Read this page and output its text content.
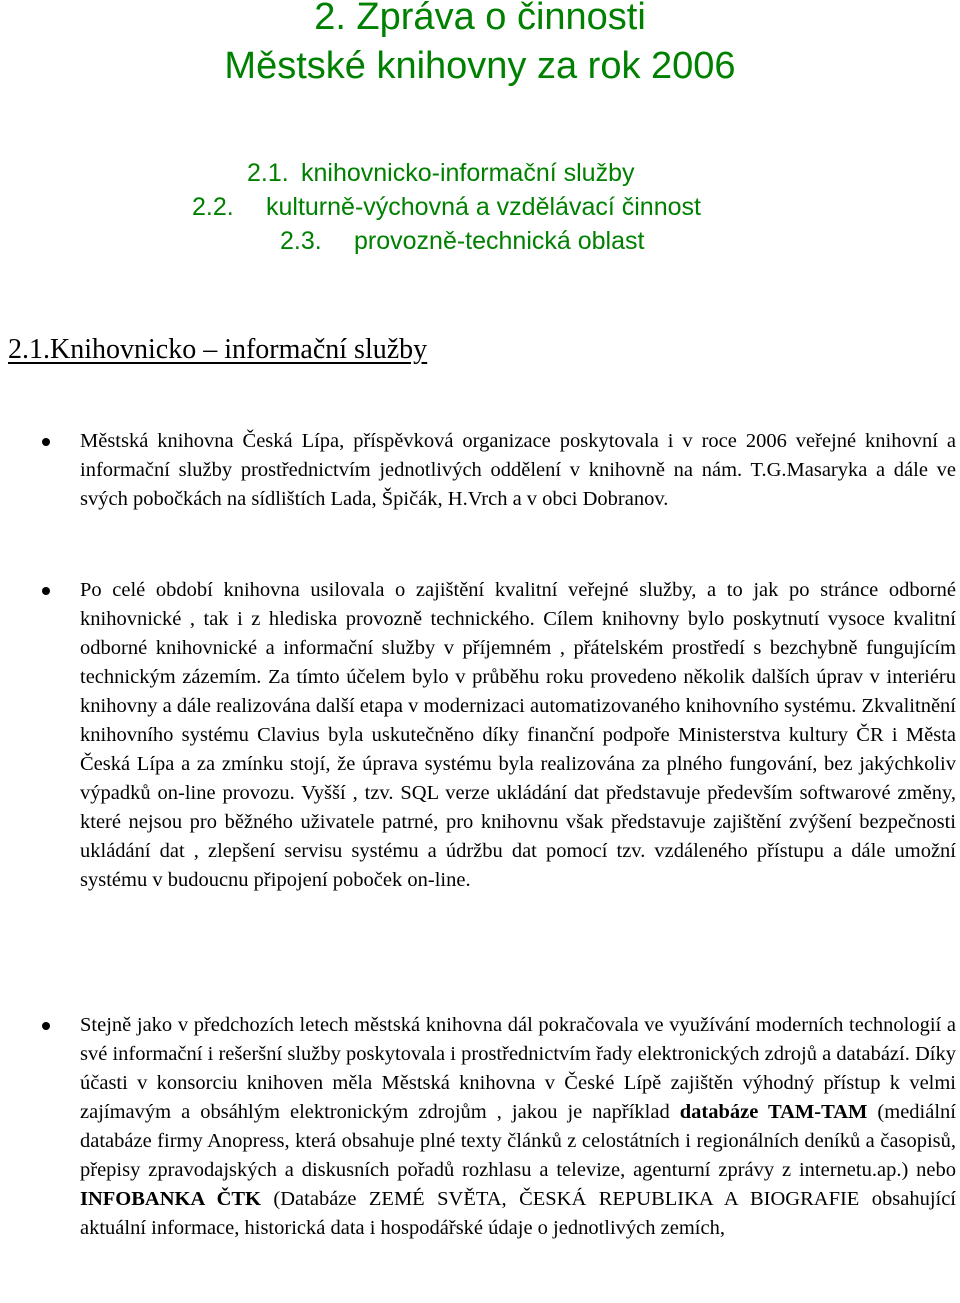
2. Zpráva o činnosti
Městské knihovny za rok 2006
2.1. knihovnicko-informační služby
2.2. kulturně-výchovná a vzdělávací činnost
2.3. provozně-technická oblast
2.1.Knihovnicko – informační služby

Městská knihovna Česká Lípa, příspěvková organizace poskytovala i v roce 2006 veřejné knihovní a informační služby prostřednictvím jednotlivých oddělení v knihovně na nám. T.G.Masaryka a dále ve svých pobočkách na sídlištích Lada, Špičák, H.Vrch a v obci Dobranov.

Po celé období knihovna usilovala o zajištění kvalitní veřejné služby, a to jak po stránce odborné knihovnické , tak i z hlediska provozně technického. Cílem knihovny bylo poskytnutí vysoce kvalitní odborné knihovnické a informační služby v příjemném , přátelském prostředí s bezchybně fungujícím technickým zázemím. Za tímto účelem bylo v průběhu roku provedeno několik dalších úprav v interiéru knihovny a dále realizována další etapa v modernizaci automatizovaného knihovního systému. Zkvalitnění knihovního systému Clavius byla uskutečněno díky finanční podpoře Ministerstva kultury ČR i Města Česká Lípa a za zmínku stojí, že úprava systému byla realizována za plného fungování, bez jakýchkoliv výpadků on-line provozu. Vyšší , tzv. SQL verze ukládání dat představuje především softwarové změny, které nejsou pro běžného uživatele patrné, pro knihovnu však představuje zajištění zvýšení bezpečnosti ukládání dat , zlepšení servisu systému a údržbu dat pomocí tzv. vzdáleného přístupu a dále umožní systému v budoucnu připojení poboček on-line.

Stejně jako v předchozích letech městská knihovna dál pokračovala ve využívání moderních technologií a své informační i rešeršní služby poskytovala i prostřednictvím řady elektronických zdrojů a databází. Díky účasti v konsorciu knihoven měla Městská knihovna v České Lípě zajištěn výhodný přístup k velmi zajímavým a obsáhlým elektronickým zdrojům , jakou je například databáze TAM-TAM (mediální databáze firmy Anopress, která obsahuje plné texty článků z celostátních i regionálních deníků a časopisů, přepisy zpravodajských a diskusních pořadů rozhlasu a televize, agenturní zprávy z internetu.ap.) nebo INFOBANKA ČTK (Databáze ZEMÉ SVĚTA, ČESKÁ REPUBLIKA A BIOGRAFIE obsahující aktuální informace, historická data i hospodářské údaje o jednotlivých zemích,
